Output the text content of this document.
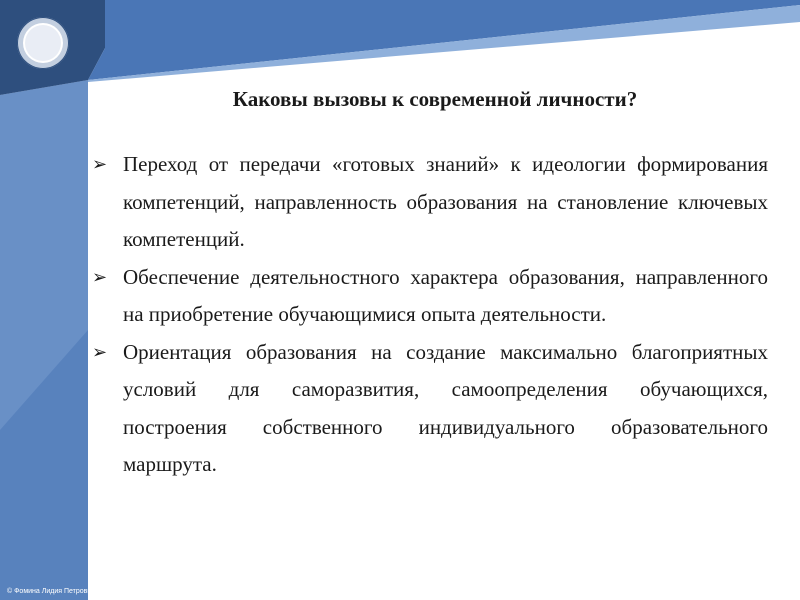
Каковы вызовы к современной личности?
➢ Переход от передачи «готовых знаний» к идеологии формирования компетенций, направленность образования на становление ключевых компетенций.
➢ Обеспечение деятельностного характера образования, направленного на приобретение обучающимися опыта деятельности.
➢ Ориентация образования на создание максимально благоприятных условий для саморазвития, самоопределения обучающихся, построения собственного индивидуального образовательного маршрута.
© Фомина Лидия Петровна
